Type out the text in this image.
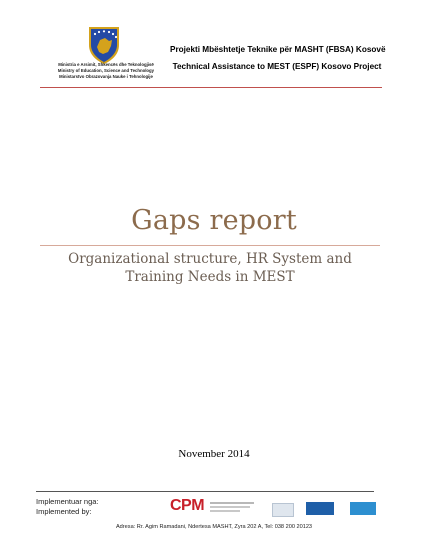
Ministria e Arsimit, Shkencës dhe Teknologjisë
Ministry of Education, Science and Technology
Ministarstvo Obrazovanja Nauke i Tehnologije
Projekti Mbështetje Teknike për MASHT (FBSA) Kosovë
Technical Assistance to MEST (ESPF) Kosovo Project
Gaps report
Organizational structure, HR System and
Training Needs in MEST
November 2014
Implementuar nga:
Implemented by:	CPM
Adresa: Rr. Agim Ramadani, Ndertesa MASHT, Zyra 202 A, Tel: 038 200 20123
